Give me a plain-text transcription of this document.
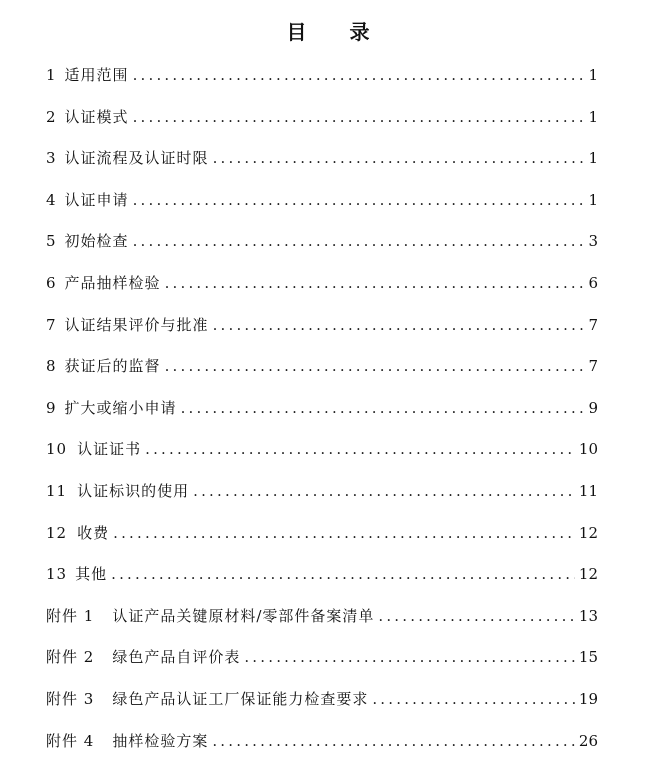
目 录
1 适用范围 .....	1
2 认证模式 .....	1
3 认证流程及认证时限 .....	1
4 认证申请 .....	1
5 初始检查 .....	3
6 产品抽样检验 .....	6
7 认证结果评价与批准 .....	7
8 获证后的监督 .....	7
9 扩大或缩小申请 .....	9
10 认证证书 .....	10
11 认证标识的使用 .....	11
12 收费 .....	12
13 其他 .....	12
附件 1 认证产品关键原材料/零部件备案清单 .....	13
附件 2 绿色产品自评价表 .....	15
附件 3 绿色产品认证工厂保证能力检查要求 .....	19
附件 4 抽样检验方案 .....	26
